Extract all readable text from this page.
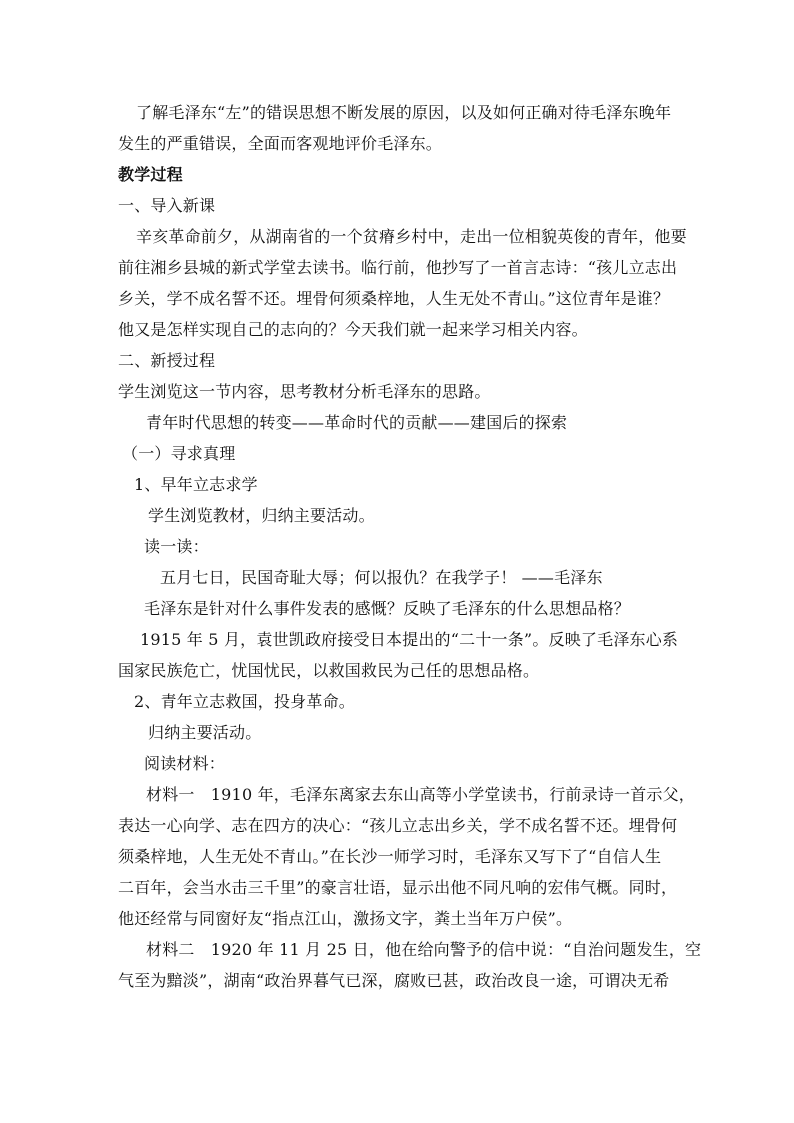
了解毛泽东“左”的错误思想不断发展的原因，以及如何正确对待毛泽东晚年
发生的严重错误，全面而客观地评价毛泽东。
教学过程
一、导入新课
辛亥革命前夕，从湖南省的一个贫瘠乡村中，走出一位相貌英俊的青年，他要
前往湘乡县城的新式学堂去读书。临行前，他抄写了一首言志诗：“孩儿立志出
乡关，学不成名誓不还。埋骨何须桑梓地，人生无处不青山。”这位青年是谁？
他又是怎样实现自己的志向的？今天我们就一起来学习相关内容。
二、新授过程
学生浏览这一节内容，思考教材分析毛泽东的思路。
青年时代思想的转变——革命时代的贡献——建国后的探索
（一）寻求真理
1、早年立志求学
学生浏览教材，归纳主要活动。
读一读：
五月七日，民国奇耻大辱；何以报仇？在我学子！ ——毛泽东
毛泽东是针对什么事件发表的感慨？反映了毛泽东的什么思想品格？
1915 年 5 月，袁世凯政府接受日本提出的“二十一条”。反映了毛泽东心系
国家民族危亡，忧国忧民，以救国救民为己任的思想品格。
2、青年立志救国，投身革命。
归纳主要活动。
阅读材料：
材料一　1910 年，毛泽东离家去东山高等小学堂读书，行前录诗一首示父，
表达一心向学、志在四方的决心：“孩儿立志出乡关，学不成名誓不还。埋骨何
须桑梓地，人生无处不青山。”在长沙一师学习时，毛泽东又写下了“自信人生
二百年，会当水击三千里”的豪言壮语，显示出他不同凡响的宏伟气概。同时，
他还经常与同窗好友“指点江山，激扬文字，粪土当年万户侯”。
材料二　1920 年 11 月 25 日，他在给向警予的信中说：“自治问题发生，空
气至为黯淡”，湖南“政治界暮气已深，腐败已甚，政治改良一途，可谓决无希
